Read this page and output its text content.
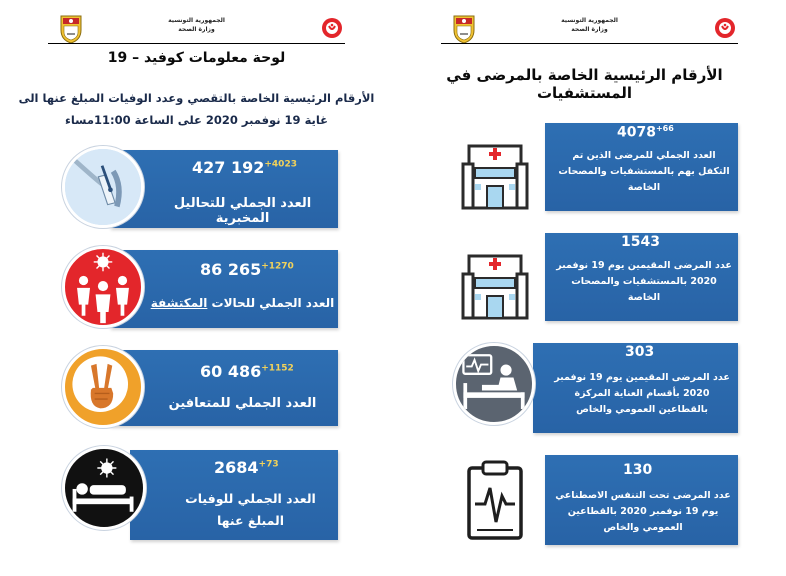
الجمهورية التونسية
وزارة الصحة
لوحة معلومات كوفيد – 19
الأرقام الرئيسية الخاصة بالتقصي وعدد الوفيات المبلغ عنها الى غاية 19 نوفمبر 2020 على الساعة 11:00مساء
427 $192^{+4023}$
العدد الجملي للتحاليل المخبرية
86 $265^{+1270}$
العدد الجملي للحالات المكتشفة
60 $486^{+1152}$
العدد الجملي للمتعافين
$2684^{+73}$
العدد الجملي للوفيات المبلغ عنها
الجمهورية التونسية
وزارة الصحة
الأرقام الرئيسية الخاصة بالمرضى في المستشفيات
$4078^{+66}$
العدد الجملي للمرضى الذين تم التكفل بهم بالمستشفيات والمصحات الخاصة
1543
عدد المرضى المقيمين يوم 19 نوفمبر 2020 بالمستشفيات والمصحات الخاصة
303
عدد المرضى المقيمين يوم 19 نوفمبر 2020 بأقسام العناية المركزة بالقطاعين العمومي والخاص
130
عدد المرضى تحت التنفس الاصطناعي يوم 19 نوفمبر 2020 بالقطاعين العمومي والخاص
